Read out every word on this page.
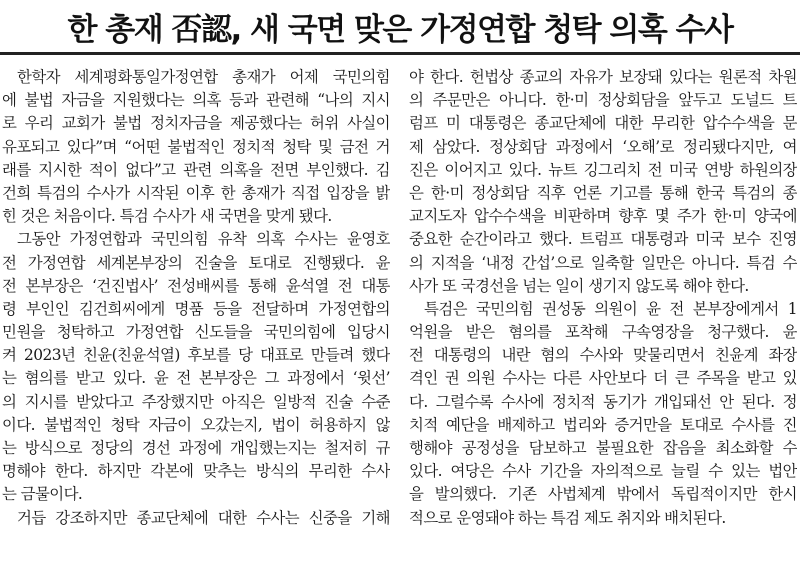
한 총재 否認, 새 국면 맞은 가정연합 청탁 의혹 수사
한학자 세계평화통일가정연합 총재가 어제 국민의힘
에 불법 자금을 지원했다는 의혹 등과 관련해 “나의 지시
로 우리 교회가 불법 정치자금을 제공했다는 허위 사실이
유포되고 있다”며 “어떤 불법적인 정치적 청탁 및 금전 거
래를 지시한 적이 없다”고 관련 의혹을 전면 부인했다. 김
건희 특검의 수사가 시작된 이후 한 총재가 직접 입장을 밝
힌 것은 처음이다. 특검 수사가 새 국면을 맞게 됐다.
그동안 가정연합과 국민의힘 유착 의혹 수사는 윤영호
전 가정연합 세계본부장의 진술을 토대로 진행됐다. 윤
전 본부장은 ‘건진법사’ 전성배씨를 통해 윤석열 전 대통
령 부인인 김건희씨에게 명품 등을 전달하며 가정연합의
민원을 청탁하고 가정연합 신도들을 국민의힘에 입당시
켜 2023년 친윤(친윤석열) 후보를 당 대표로 만들려 했다
는 혐의를 받고 있다. 윤 전 본부장은 그 과정에서 ‘윗선’
의 지시를 받았다고 주장했지만 아직은 일방적 진술 수준
이다. 불법적인 청탁 자금이 오갔는지, 법이 허용하지 않
는 방식으로 정당의 경선 과정에 개입했는지는 철저히 규
명해야 한다. 하지만 각본에 맞추는 방식의 무리한 수사
는 금물이다.
거듭 강조하지만 종교단체에 대한 수사는 신중을 기해
야 한다. 헌법상 종교의 자유가 보장돼 있다는 원론적 차원
의 주문만은 아니다. 한·미 정상회담을 앞두고 도널드 트
럼프 미 대통령은 종교단체에 대한 무리한 압수수색을 문
제 삼았다. 정상회담 과정에서 ‘오해’로 정리됐다지만, 여
진은 이어지고 있다. 뉴트 깅그리치 전 미국 연방 하원의장
은 한·미 정상회담 직후 언론 기고를 통해 한국 특검의 종
교지도자 압수수색을 비판하며 향후 몇 주가 한·미 양국에
중요한 순간이라고 했다. 트럼프 대통령과 미국 보수 진영
의 지적을 ‘내정 간섭’으로 일축할 일만은 아니다. 특검 수
사가 또 국경선을 넘는 일이 생기지 않도록 해야 한다.
특검은 국민의힘 권성동 의원이 윤 전 본부장에게서 1
억원을 받은 혐의를 포착해 구속영장을 청구했다. 윤
전 대통령의 내란 혐의 수사와 맞물리면서 친윤계 좌장
격인 권 의원 수사는 다른 사안보다 더 큰 주목을 받고 있
다. 그럴수록 수사에 정치적 동기가 개입돼선 안 된다. 정
치적 예단을 배제하고 법리와 증거만을 토대로 수사를 진
행해야 공정성을 담보하고 불필요한 잡음을 최소화할 수
있다. 여당은 수사 기간을 자의적으로 늘릴 수 있는 법안
을 발의했다. 기존 사법체계 밖에서 독립적이지만 한시
적으로 운영돼야 하는 특검 제도 취지와 배치된다.
